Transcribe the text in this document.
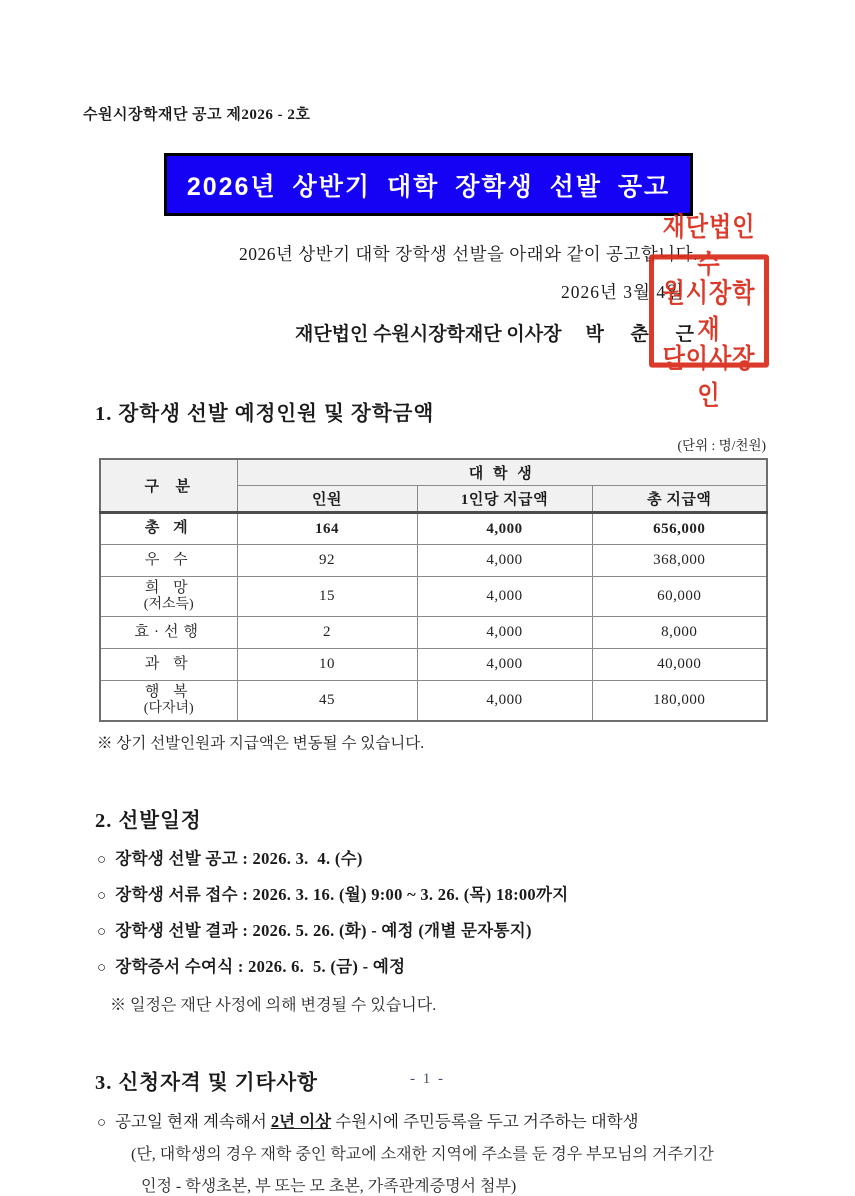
수원시장학재단 공고 제2026 - 2호
2026년 상반기 대학 장학생 선발 공고
2026년 상반기 대학 장학생 선발을 아래와 같이 공고합니다.
2026년 3월 4일
재단법인 수원시장학재단 이사장 박 춘 근
재단법인수
원시장학재
단이사장인
1. 장학생 선발 예정인원 및 장학금액
(단위 : 명/천원)
구  분	대 학 생		
	인원	1인당 지급액	총 지급액

총 계	164	4,000	656,000

우 수	92	4,000	368,000

희 망
(저소득)	15	4,000	60,000

효·선행	2	4,000	8,000

과 학	10	4,000	40,000

행 복
(다자녀)	45	4,000	180,000
※ 상기 선발인원과 지급액은 변동될 수 있습니다.
2. 선발일정
○ 장학생 선발 공고 : 2026. 3.  4. (수)
○ 장학생 서류 접수 : 2026. 3. 16. (월) 9:00 ~ 3. 26. (목) 18:00까지
○ 장학생 선발 결과 : 2026. 5. 26. (화) - 예정 (개별 문자통지)
○ 장학증서 수여식 : 2026. 6.  5. (금) - 예정
※ 일정은 재단 사정에 의해 변경될 수 있습니다.
3. 신청자격 및 기타사항
○ 공고일 현재 계속해서 2년 이상 수원시에 주민등록을 두고 거주하는 대학생
(단, 대학생의 경우 재학 중인 학교에 소재한 지역에 주소를 둔 경우 부모님의 거주기간
인정 - 학생초본, 부 또는 모 초본, 가족관계증명서 첨부)
- 1 -
